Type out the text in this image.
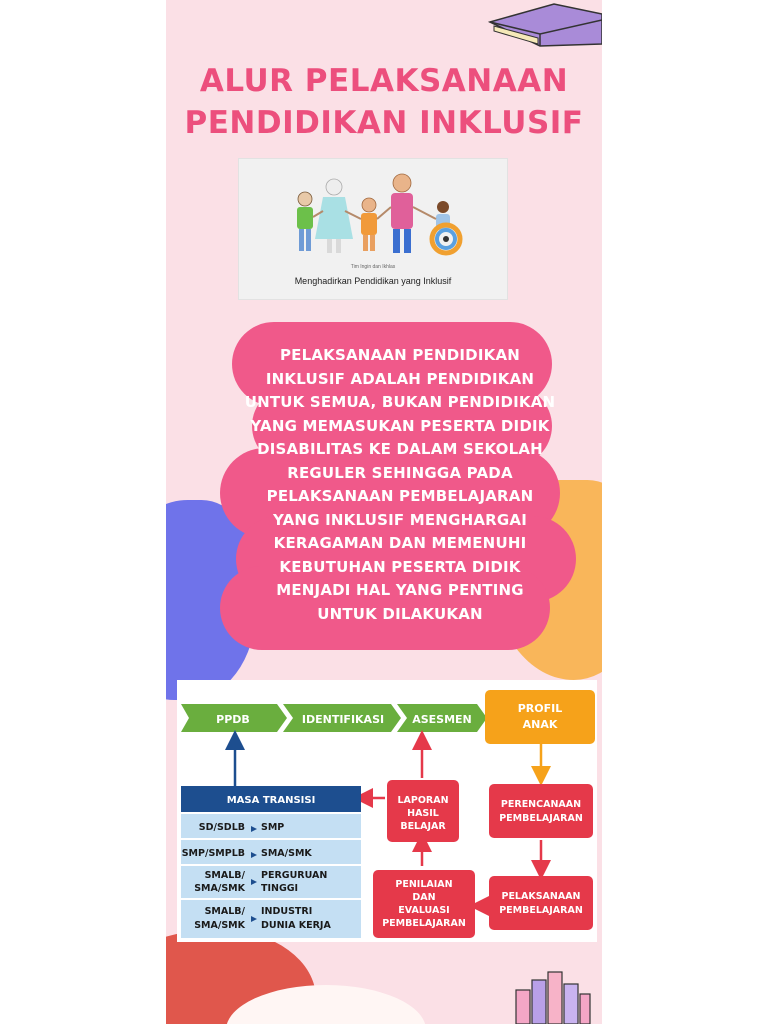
ALUR PELAKSANAAN
PENDIDIKAN INKLUSIF
Tim Ingin dan Ikhlas
Menghadirkan Pendidikan yang Inklusif
PELAKSANAAN PENDIDIKAN INKLUSIF ADALAH PENDIDIKAN UNTUK SEMUA, BUKAN PENDIDIKAN YANG MEMASUKAN PESERTA DIDIK DISABILITAS KE DALAM SEKOLAH REGULER SEHINGGA PADA PELAKSANAAN PEMBELAJARAN YANG INKLUSIF MENGHARGAI KERAGAMAN DAN MEMENUHI KEBUTUHAN PESERTA DIDIK MENJADI HAL YANG PENTING UNTUK DILAKUKAN
PPDB	IDENTIFIKASI	ASESMEN
PROFIL
ANAK
MASA TRANSISI
SD/SDLB SMP
SMP/SMPLB SMA/SMK
SMALB/
SMA/SMK
PERGURUAN
TINGGI
SMALB/
SMA/SMK
INDUSTRI
DUNIA KERJA
LAPORAN
HASIL
BELAJAR
PERENCANAAN
PEMBELAJARAN
PENILAIAN
DAN
EVALUASI
PEMBELAJARAN
PELAKSANAAN
PEMBELAJARAN
